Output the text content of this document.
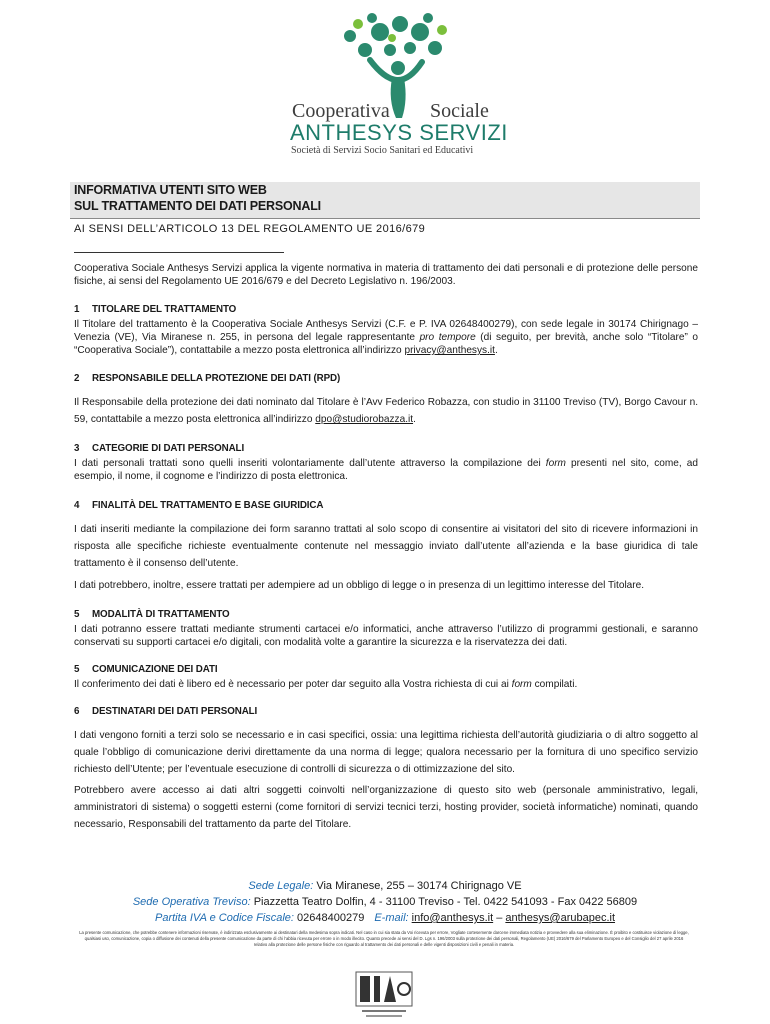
Cooperativa Sociale
ANTHESYS SERVIZI
Società di Servizi Socio Sanitari ed Educativi
INFORMATIVA UTENTI SITO WEB
SUL TRATTAMENTO DEI DATI PERSONALI
AI SENSI DELL’ARTICOLO 13 DEL REGOLAMENTO UE 2016/679

Cooperativa Sociale Anthesys Servizi applica la vigente normativa in materia di trattamento dei dati personali e di protezione delle persone fisiche, ai sensi del Regolamento UE 2016/679 e del Decreto Legislativo n. 196/2003.

1 TITOLARE DEL TRATTAMENTO

Il Titolare del trattamento è la Cooperativa Sociale Anthesys Servizi (C.F. e P. IVA 02648400279), con sede legale in 30174 Chirignago – Venezia (VE), Via Miranese n. 255, in persona del legale rappresentante pro tempore (di seguito, per brevità, anche solo “Titolare” o “Cooperativa Sociale”), contattabile a mezzo posta elettronica all’indirizzo privacy@anthesys.it.

2 RESPONSABILE DELLA PROTEZIONE DEI DATI (RPD)

Il Responsabile della protezione dei dati nominato dal Titolare è l’Avv Federico Robazza, con studio in 31100 Treviso (TV), Borgo Cavour n. 59, contattabile a mezzo posta elettronica all’indirizzo dpo@studiorobazza.it.

3 CATEGORIE DI DATI PERSONALI

I dati personali trattati sono quelli inseriti volontariamente dall’utente attraverso la compilazione dei form presenti nel sito, come, ad esempio, il nome, il cognome e l’indirizzo di posta elettronica.

4 FINALITÀ DEL TRATTAMENTO E BASE GIURIDICA

I dati inseriti mediante la compilazione dei form saranno trattati al solo scopo di consentire ai visitatori del sito di ricevere informazioni in risposta alle specifiche richieste eventualmente contenute nel messaggio inviato dall’utente all’azienda e la base giuridica di tale trattamento è il consenso dell’utente.

I dati potrebbero, inoltre, essere trattati per adempiere ad un obbligo di legge o in presenza di un legittimo interesse del Titolare.

5 MODALITÀ DI TRATTAMENTO

I dati potranno essere trattati mediante strumenti cartacei e/o informatici, anche attraverso l’utilizzo di programmi gestionali, e saranno conservati su supporti cartacei e/o digitali, con modalità volte a garantire la sicurezza e la riservatezza dei dati.

5 COMUNICAZIONE DEI DATI

Il conferimento dei dati è libero ed è necessario per poter dar seguito alla Vostra richiesta di cui ai form compilati.

6 DESTINATARI DEI DATI PERSONALI

I dati vengono forniti a terzi solo se necessario e in casi specifici, ossia: una legittima richiesta dell’autorità giudiziaria o di altro soggetto al quale l’obbligo di comunicazione derivi direttamente da una norma di legge; qualora necessario per la fornitura di uno specifico servizio richiesto dell’Utente; per l’eventuale esecuzione di controlli di sicurezza o di ottimizzazione del sito.

Potrebbero avere accesso ai dati altri soggetti coinvolti nell’organizzazione di questo sito web (personale amministrativo, legali, amministratori di sistema) o soggetti esterni (come fornitori di servizi tecnici terzi, hosting provider, società informatiche) nominati, quando necessario, Responsabili del trattamento da parte del Titolare.

Sede Legale: Via Miranese, 255 – 30174 Chirignago VE
Sede Operativa Treviso: Piazzetta Teatro Dolfin, 4 - 31100 Treviso - Tel. 0422 541093 - Fax 0422 56809
Partita IVA e Codice Fiscale: 02648400279 E-mail: info@anthesys.it – anthesys@arubapec.it
La presente comunicazione, che potrebbe contenere informazioni riservate, è indirizzata esclusivamente ai destinatari della medesima sopra indicati. Nel caso in cui sia stata da Voi ricevuta per errore, Vogliate cortesemente darcene immediata notizia e provvedere alla sua eliminazione. È proibito e costituisce violazione di legge, qualsiasi uso, comunicazione, copia o diffusione dei contenuti della presente comunicazione da parte di chi l’abbia ricevuta per errore o in modo illecito. Quanto precede ai sensi del D. Lgs n. 196/2003 sulla protezione dei dati personali, Regolamento (UE) 2016/679 del Parlamento Europeo e del Consiglio del 27 aprile 2016 relativo alla protezione delle persone fisiche con riguardo al trattamento dei dati personali e delle vigenti disposizioni civili e penali in materia.
